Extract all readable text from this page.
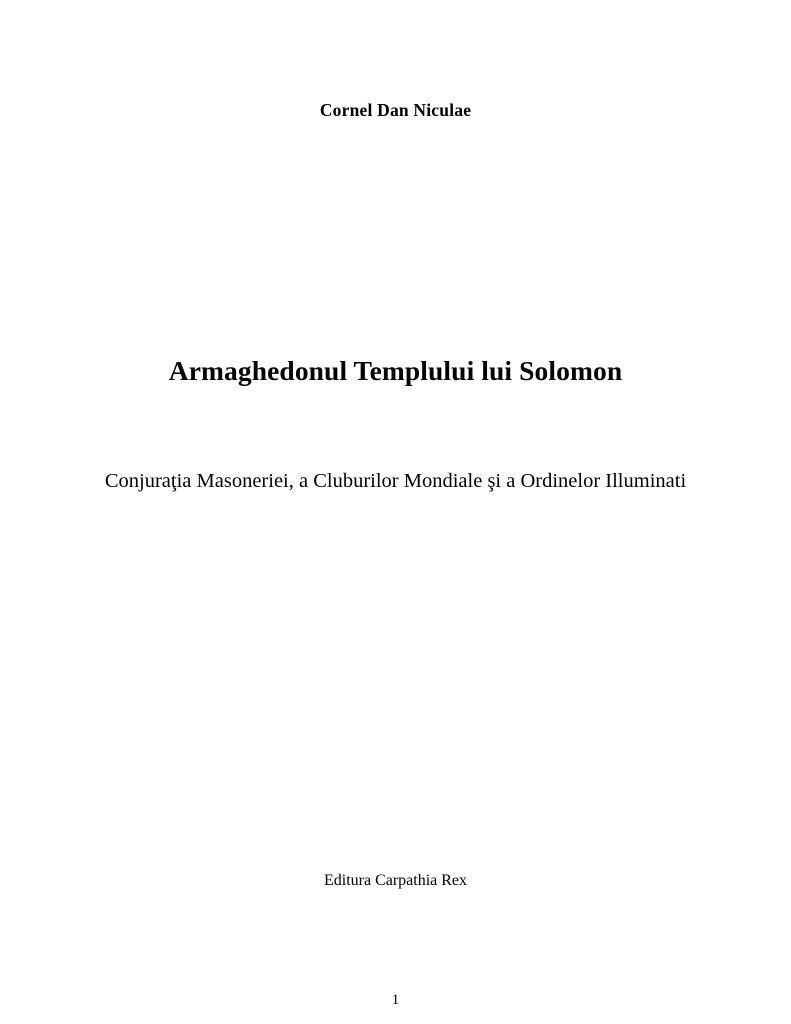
Cornel Dan Niculae
Armaghedonul Templului lui Solomon
Conjuraţia Masoneriei, a Cluburilor Mondiale şi a Ordinelor Illuminati
Editura Carpathia Rex
1
